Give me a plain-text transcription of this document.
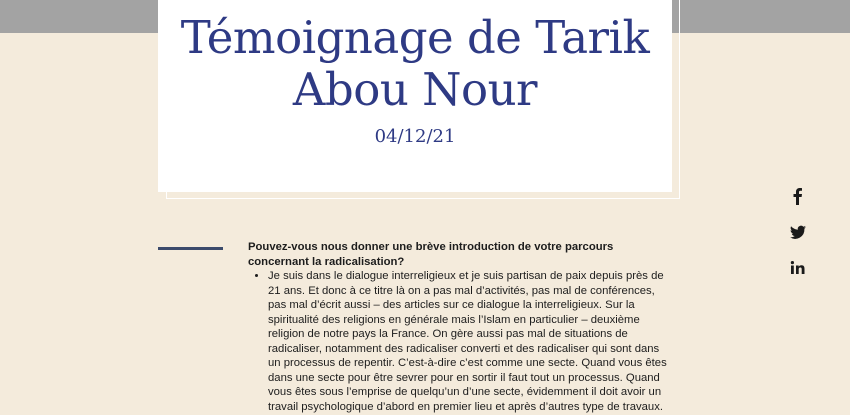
Témoignage de Tarik Abou Nour
04/12/21

Pouvez-vous nous donner une brève introduction de votre parcours concernant la radicalisation?

• Je suis dans le dialogue interreligieux et je suis partisan de paix depuis près de 21 ans. Et donc à ce titre là on a pas mal d’activités, pas mal de conférences, pas mal d’écrit aussi – des articles sur ce dialogue la interreligieux. Sur la spiritualité des religions en générale mais l’Islam en particulier – deuxième religion de notre pays la France. On gère aussi pas mal de situations de radicaliser, notamment des radicaliser converti et des radicaliser qui sont dans un processus de repentir. C’est-à-dire c’est comme une secte. Quand vous êtes dans une secte pour être sevrer pour en sortir il faut tout un processus. Quand vous êtes sous l’emprise de quelqu’un d’une secte, évidemment il doit avoir un travail psychologique d’abord en premier lieu et après d’autres type de travaux.
